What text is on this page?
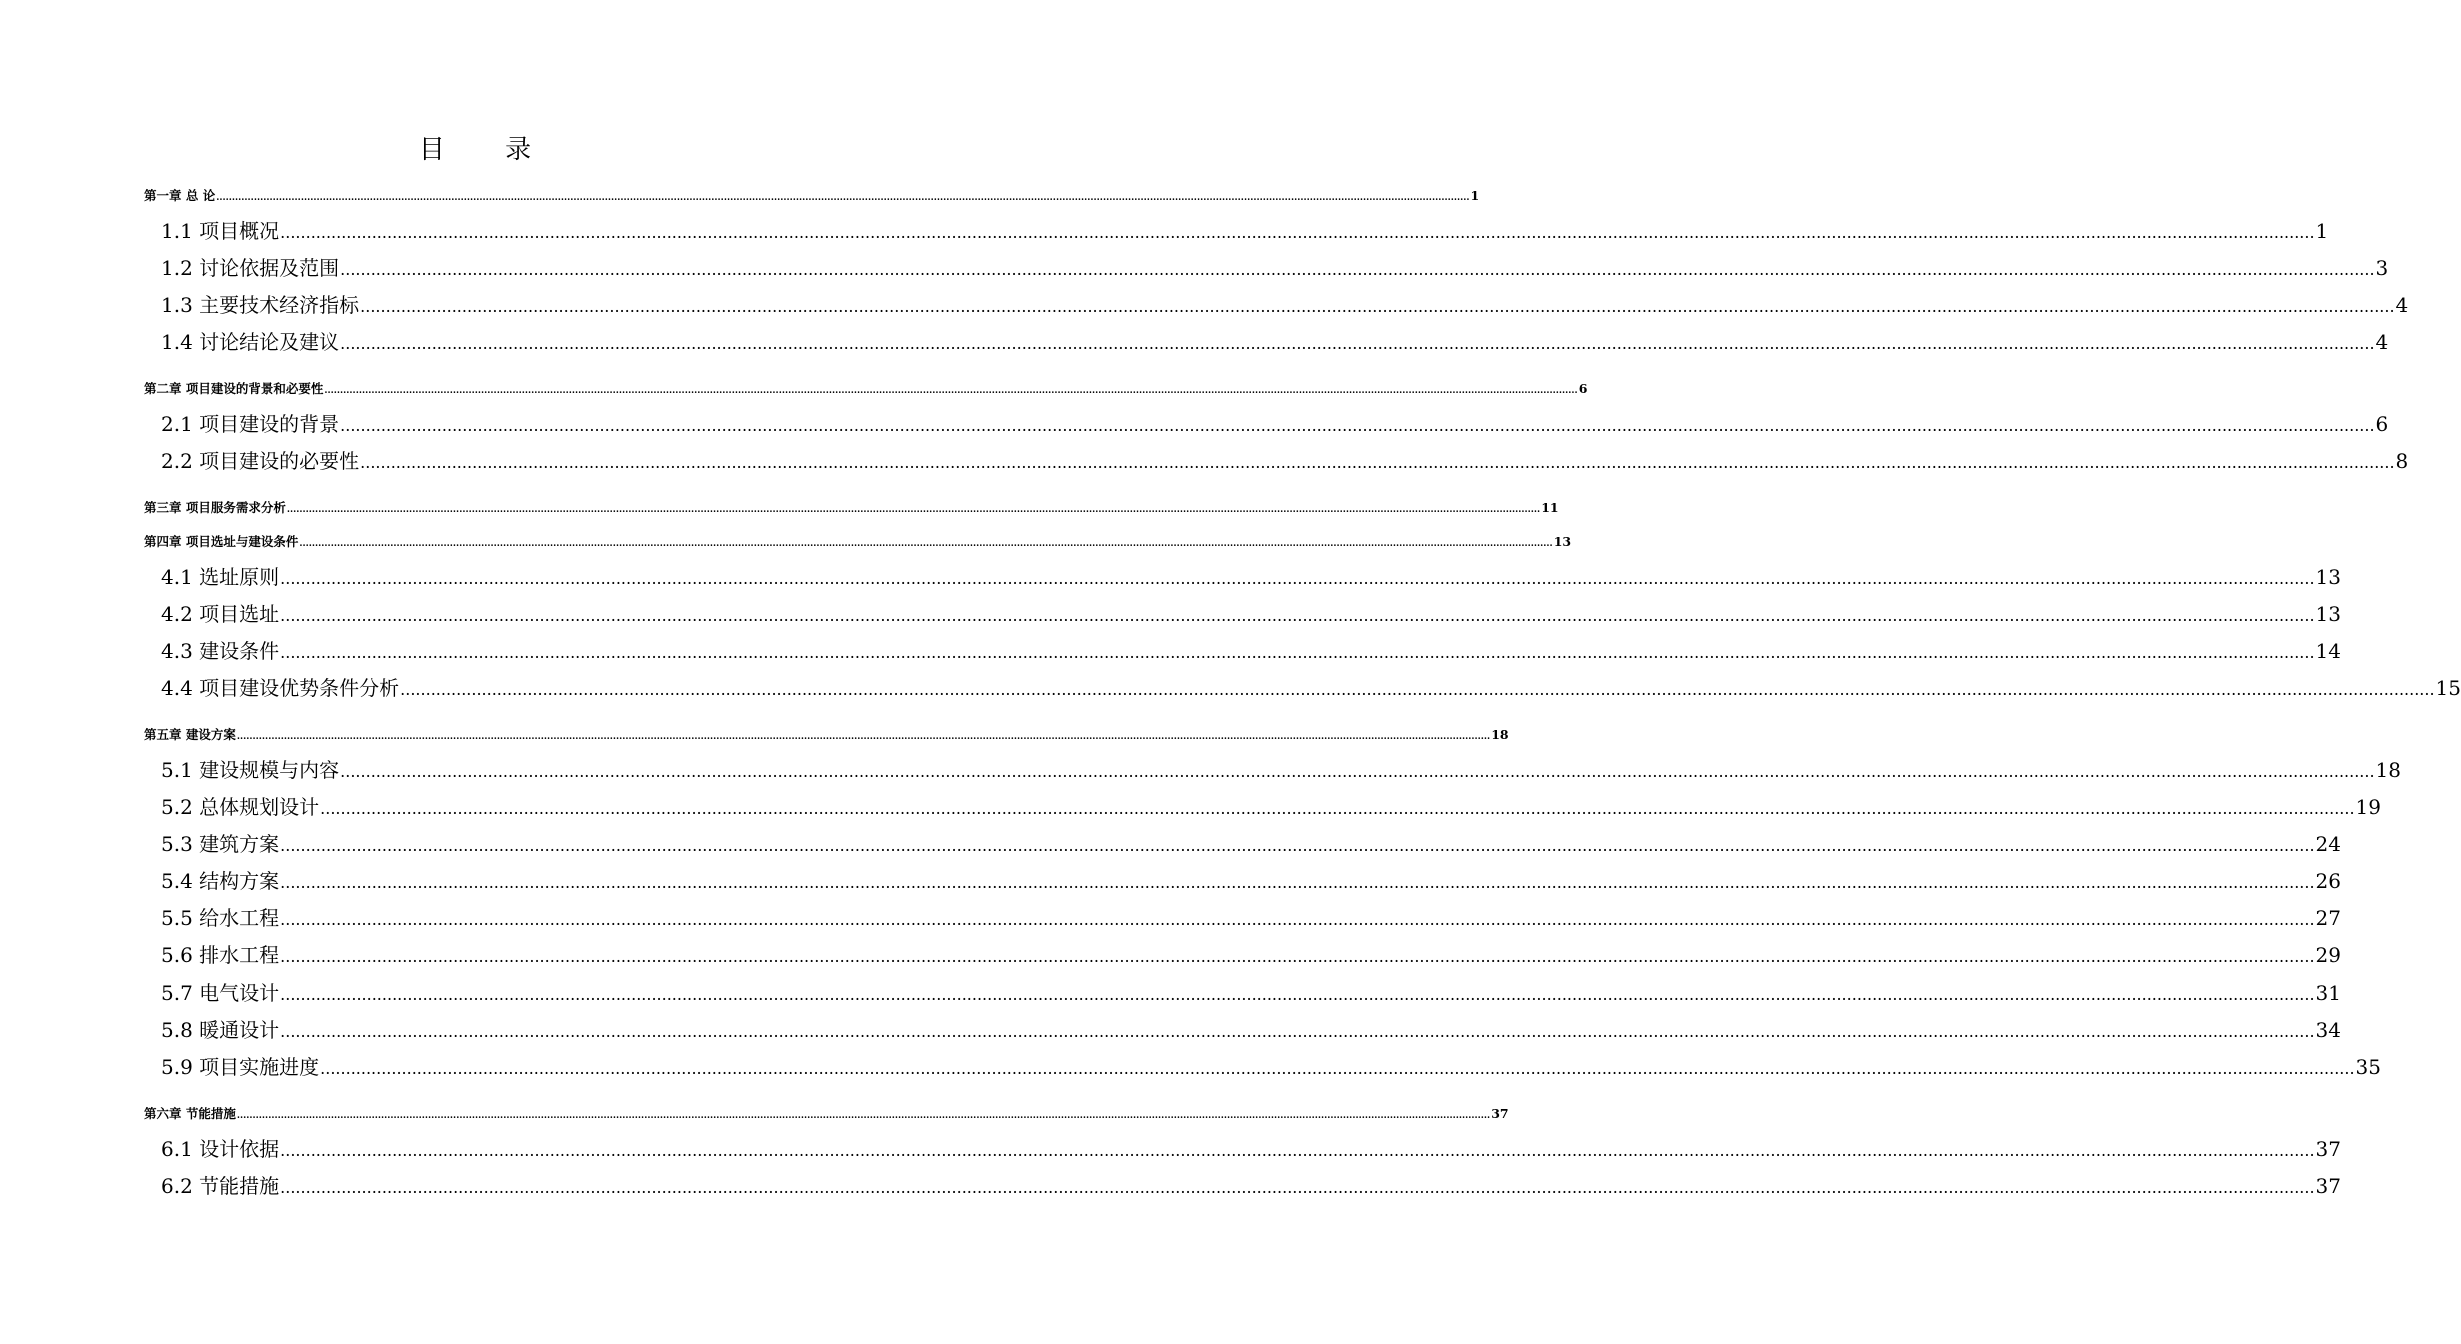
目 录
第一章 总 论 ................................................................................................................................................................................................................................................................................................................................................................................................................ 1
1.1 项目概况 ................................................................................................................................................................................................................................................................................................................................................................................................................ 1
1.2 讨论依据及范围 ................................................................................................................................................................................................................................................................................................................................................................................................................ 3
1.3 主要技术经济指标 ................................................................................................................................................................................................................................................................................................................................................................................................................ 4
1.4 讨论结论及建议 ................................................................................................................................................................................................................................................................................................................................................................................................................ 4
第二章 项目建设的背景和必要性 ................................................................................................................................................................................................................................................................................................................................................................................................................ 6
2.1 项目建设的背景 ................................................................................................................................................................................................................................................................................................................................................................................................................ 6
2.2 项目建设的必要性 ................................................................................................................................................................................................................................................................................................................................................................................................................ 8
第三章 项目服务需求分析 ................................................................................................................................................................................................................................................................................................................................................................................................................ 11
第四章 项目选址与建设条件 ................................................................................................................................................................................................................................................................................................................................................................................................................ 13
4.1 选址原则 ................................................................................................................................................................................................................................................................................................................................................................................................................ 13
4.2 项目选址 ................................................................................................................................................................................................................................................................................................................................................................................................................ 13
4.3 建设条件 ................................................................................................................................................................................................................................................................................................................................................................................................................ 14
4.4 项目建设优势条件分析 ................................................................................................................................................................................................................................................................................................................................................................................................................ 15
第五章 建设方案 ................................................................................................................................................................................................................................................................................................................................................................................................................ 18
5.1 建设规模与内容 ................................................................................................................................................................................................................................................................................................................................................................................................................ 18
5.2 总体规划设计 ................................................................................................................................................................................................................................................................................................................................................................................................................ 19
5.3 建筑方案 ................................................................................................................................................................................................................................................................................................................................................................................................................ 24
5.4 结构方案 ................................................................................................................................................................................................................................................................................................................................................................................................................ 26
5.5 给水工程 ................................................................................................................................................................................................................................................................................................................................................................................................................ 27
5.6 排水工程 ................................................................................................................................................................................................................................................................................................................................................................................................................ 29
5.7 电气设计 ................................................................................................................................................................................................................................................................................................................................................................................................................ 31
5.8 暖通设计 ................................................................................................................................................................................................................................................................................................................................................................................................................ 34
5.9 项目实施进度 ................................................................................................................................................................................................................................................................................................................................................................................................................ 35
第六章 节能措施 ................................................................................................................................................................................................................................................................................................................................................................................................................ 37
6.1 设计依据 ................................................................................................................................................................................................................................................................................................................................................................................................................ 37
6.2 节能措施 ................................................................................................................................................................................................................................................................................................................................................................................................................ 37
